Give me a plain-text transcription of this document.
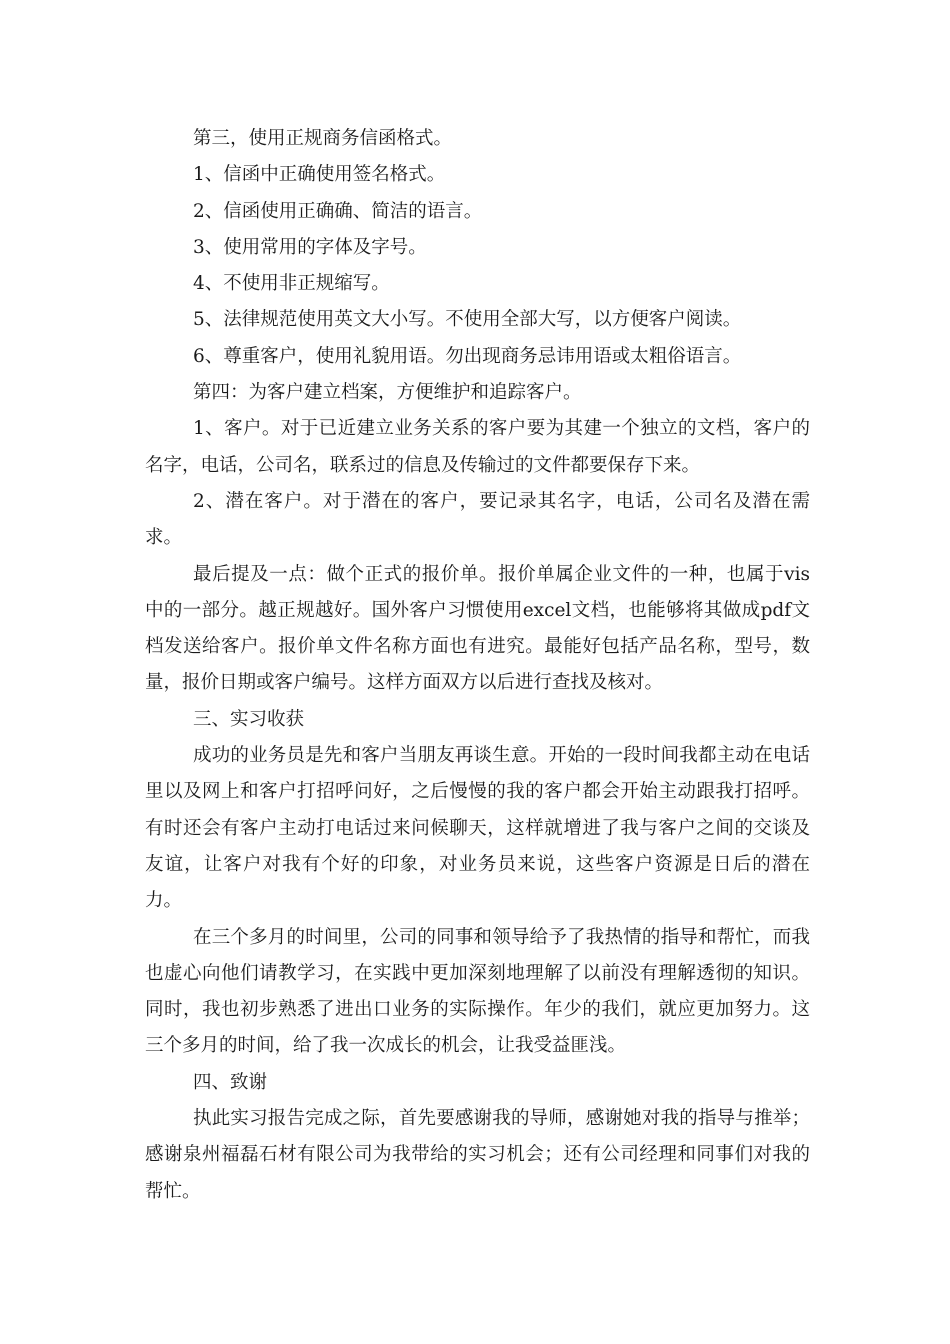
第三，使用正规商务信函格式。

1、信函中正确使用签名格式。

2、信函使用正确确、简洁的语言。

3、使用常用的字体及字号。

4、不使用非正规缩写。

5、法律规范使用英文大小写。不使用全部大写，以方便客户阅读。

6、尊重客户，使用礼貌用语。勿出现商务忌讳用语或太粗俗语言。

第四：为客户建立档案，方便维护和追踪客户。

1、客户。对于已近建立业务关系的客户要为其建一个独立的文档，客户的名字，电话，公司名，联系过的信息及传输过的文件都要保存下来。

2、潜在客户。对于潜在的客户，要记录其名字，电话，公司名及潜在需求。

最后提及一点：做个正式的报价单。报价单属企业文件的一种，也属于vis中的一部分。越正规越好。国外客户习惯使用excel文档，也能够将其做成pdf文档发送给客户。报价单文件名称方面也有进究。最能好包括产品名称，型号，数量，报价日期或客户编号。这样方面双方以后进行查找及核对。

三、实习收获

成功的业务员是先和客户当朋友再谈生意。开始的一段时间我都主动在电话里以及网上和客户打招呼问好，之后慢慢的我的客户都会开始主动跟我打招呼。有时还会有客户主动打电话过来问候聊天，这样就增进了我与客户之间的交谈及友谊，让客户对我有个好的印象，对业务员来说，这些客户资源是日后的潜在力。

在三个多月的时间里，公司的同事和领导给予了我热情的指导和帮忙，而我也虚心向他们请教学习，在实践中更加深刻地理解了以前没有理解透彻的知识。同时，我也初步熟悉了进出口业务的实际操作。年少的我们，就应更加努力。这三个多月的时间，给了我一次成长的机会，让我受益匪浅。

四、致谢

执此实习报告完成之际，首先要感谢我的导师，感谢她对我的指导与推举；感谢泉州福磊石材有限公司为我带给的实习机会；还有公司经理和同事们对我的帮忙。
